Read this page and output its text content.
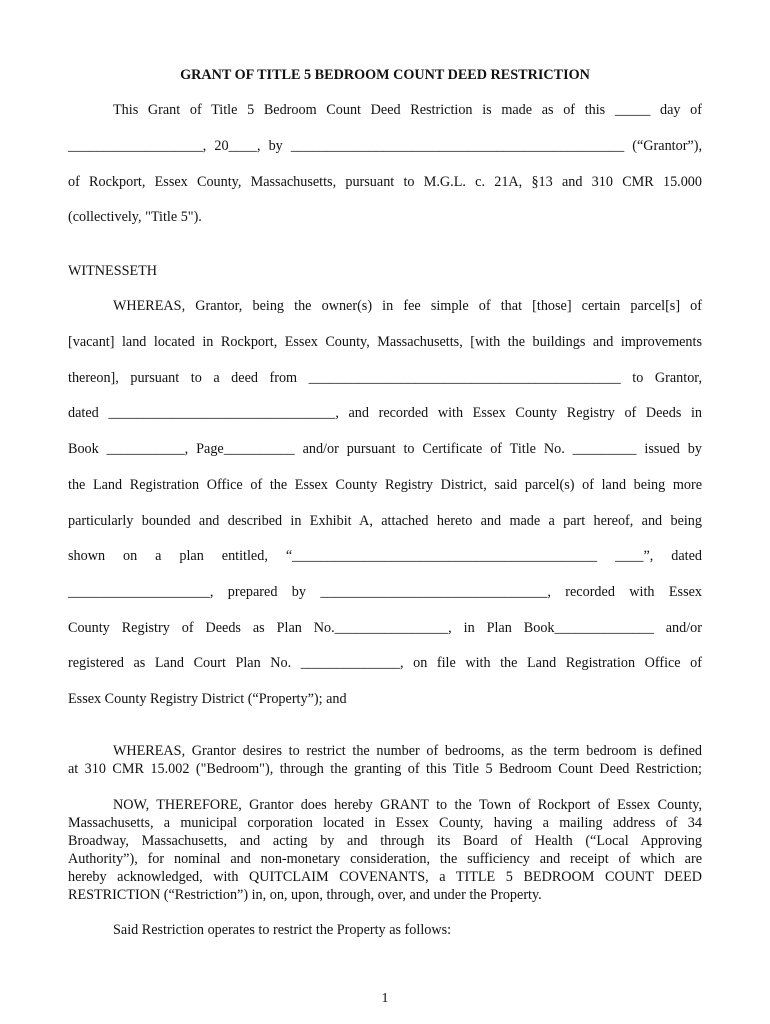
GRANT OF TITLE 5 BEDROOM COUNT DEED RESTRICTION
This Grant of Title 5 Bedroom Count Deed Restriction is made as of this _____ day of
___________________, 20____, by _______________________________________________ (“Grantor”),
of Rockport, Essex County, Massachusetts, pursuant to M.G.L. c. 21A, §13 and 310 CMR 15.000
(collectively, "Title 5").
WITNESSETH
WHEREAS, Grantor, being the owner(s) in fee simple of that [those] certain parcel[s] of
[vacant] land located in Rockport, Essex County, Massachusetts, [with the buildings and improvements
thereon], pursuant to a deed from ____________________________________________ to Grantor,
dated ________________________________, and recorded with Essex County Registry of Deeds in
Book ___________, Page__________ and/or pursuant to Certificate of Title No. _________ issued by
the Land Registration Office of the Essex County Registry District, said parcel(s) of land being more
particularly bounded and described in Exhibit A, attached hereto and made a part hereof, and being
shown on a plan entitled, “___________________________________________ ____”, dated
____________________, prepared by ________________________________, recorded with Essex
County Registry of Deeds as Plan No.________________, in Plan Book______________ and/or
registered as Land Court Plan No. ______________, on file with the Land Registration Office of
Essex County Registry District (“Property”); and
WHEREAS, Grantor desires to restrict the number of bedrooms, as the term bedroom is defined
at 310 CMR 15.002 ("Bedroom"), through the granting of this Title 5 Bedroom Count Deed Restriction;
NOW, THEREFORE, Grantor does hereby GRANT to the Town of Rockport of Essex County,
Massachusetts, a municipal corporation located in Essex County, having a mailing address of 34
Broadway, Massachusetts, and acting by and through its Board of Health (“Local Approving
Authority”), for nominal and non-monetary consideration, the sufficiency and receipt of which are
hereby acknowledged, with QUITCLAIM COVENANTS, a TITLE 5 BEDROOM COUNT DEED
RESTRICTION (“Restriction”) in, on, upon, through, over, and under the Property.
Said Restriction operates to restrict the Property as follows:
1
